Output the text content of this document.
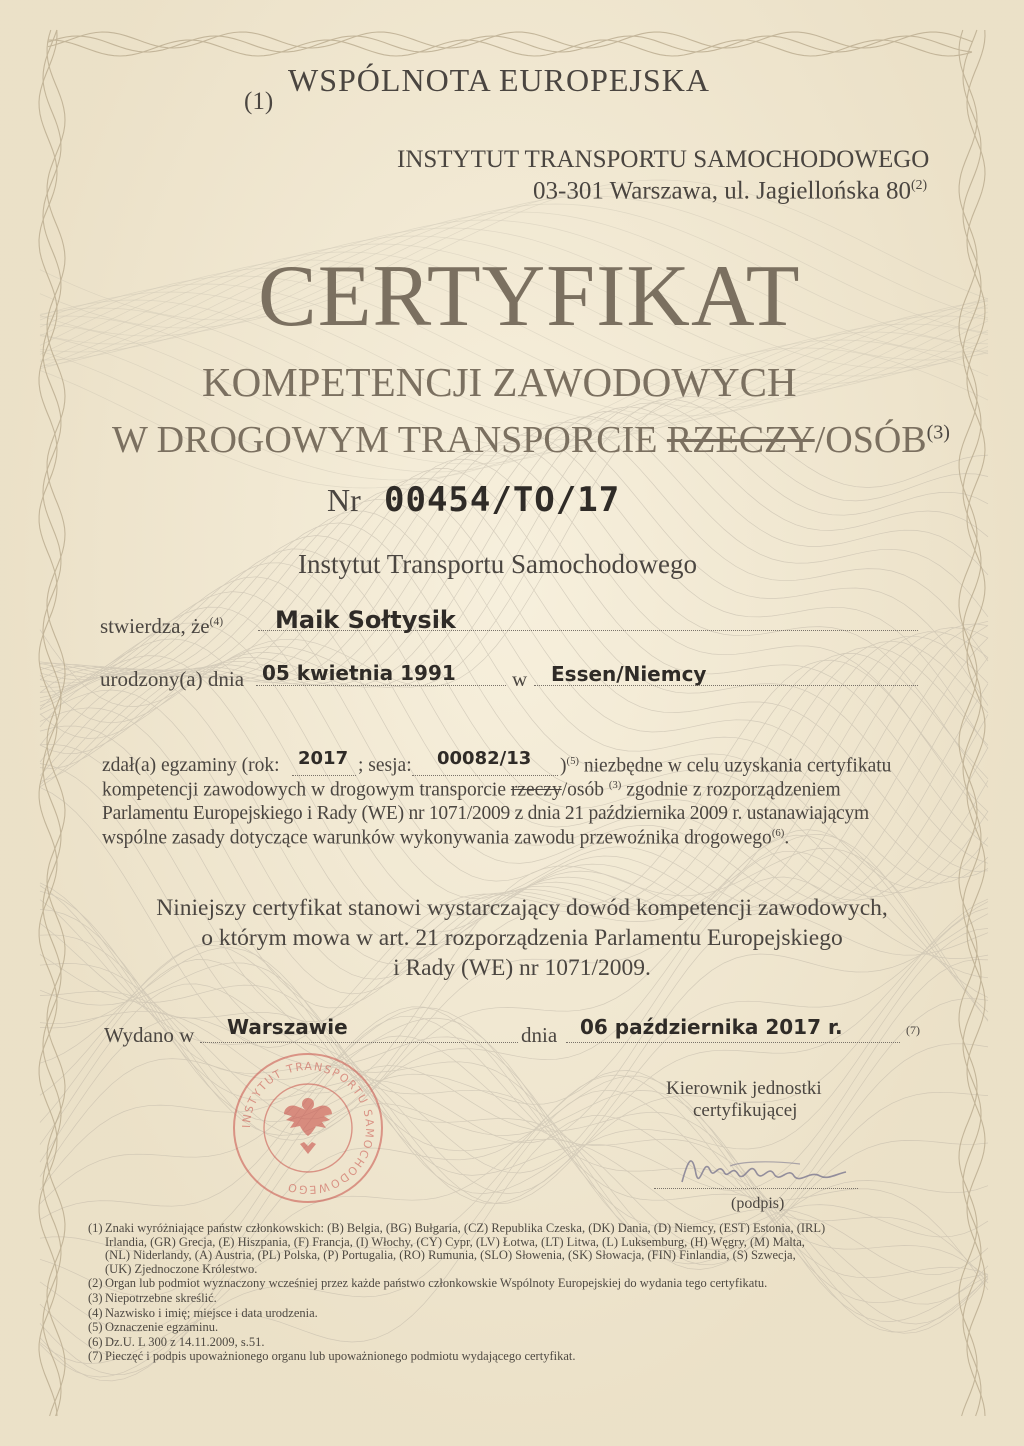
(1)
WSPÓLNOTA EUROPEJSKA
INSTYTUT TRANSPORTU SAMOCHODOWEGO
03-301 Warszawa, ul. Jagiellońska 80$^{(2)}$
CERTYFIKAT
KOMPETENCJI ZAWODOWYCH
W DROGOWYM TRANSPORCIE RZECZY/OSÓB$^{(3)}$
Nr 00454/TO/17
Instytut Transportu Samochodowego
stwierdza, $że^{(4)}$ Maik Sołtysik
urodzony(a) dnia 05 kwietnia 1991	w Essen/Niemcy
zdał(a) egzaminy (rok: 2017 ; sesja: 00082/13 )$^{(5)}$ niezbędne w celu uzyskania certyfikatu
kompetencji zawodowych w drogowym transporcie rzeczy/osób $^{(3)}$ zgodnie z rozporządzeniem
Parlamentu Europejskiego i Rady (WE) nr 1071/2009 z dnia 21 października 2009 r. ustanawiającym
wspólne zasady dotyczące warunków wykonywania zawodu przewoźnika drogowego$^{(6)}$.
Niniejszy certyfikat stanowi wystarczający dowód kompetencji zawodowych,
o którym mowa w art. 21 rozporządzenia Parlamentu Europejskiego
i Rady (WE) nr 1071/2009.
Wydano w Warszawie	dnia 06 października 2017 r.	(7)
INSTYTUT TRANSPORTU SAMOCHODOWEGO
Kierownik jednostki
certyfikującej
(podpis)
(1) Znaki wyróżniające państw członkowskich: (B) Belgia, (BG) Bułgaria, (CZ) Republika Czeska, (DK) Dania, (D) Niemcy, (EST) Estonia, (IRL)
Irlandia, (GR) Grecja, (E) Hiszpania, (F) Francja, (I) Włochy, (CY) Cypr, (LV) Łotwa, (LT) Litwa, (L) Luksemburg, (H) Węgry, (M) Malta,
(NL) Niderlandy, (A) Austria, (PL) Polska, (P) Portugalia, (RO) Rumunia, (SLO) Słowenia, (SK) Słowacja, (FIN) Finlandia, (S) Szwecja,
(UK) Zjednoczone Królestwo.
(2) Organ lub podmiot wyznaczony wcześniej przez każde państwo członkowskie Wspólnoty Europejskiej do wydania tego certyfikatu.
(3) Niepotrzebne skreślić.
(4) Nazwisko i imię; miejsce i data urodzenia.
(5) Oznaczenie egzaminu.
(6) Dz.U. L 300 z 14.11.2009, s.51.
(7) Pieczęć i podpis upoważnionego organu lub upoważnionego podmiotu wydającego certyfikat.
